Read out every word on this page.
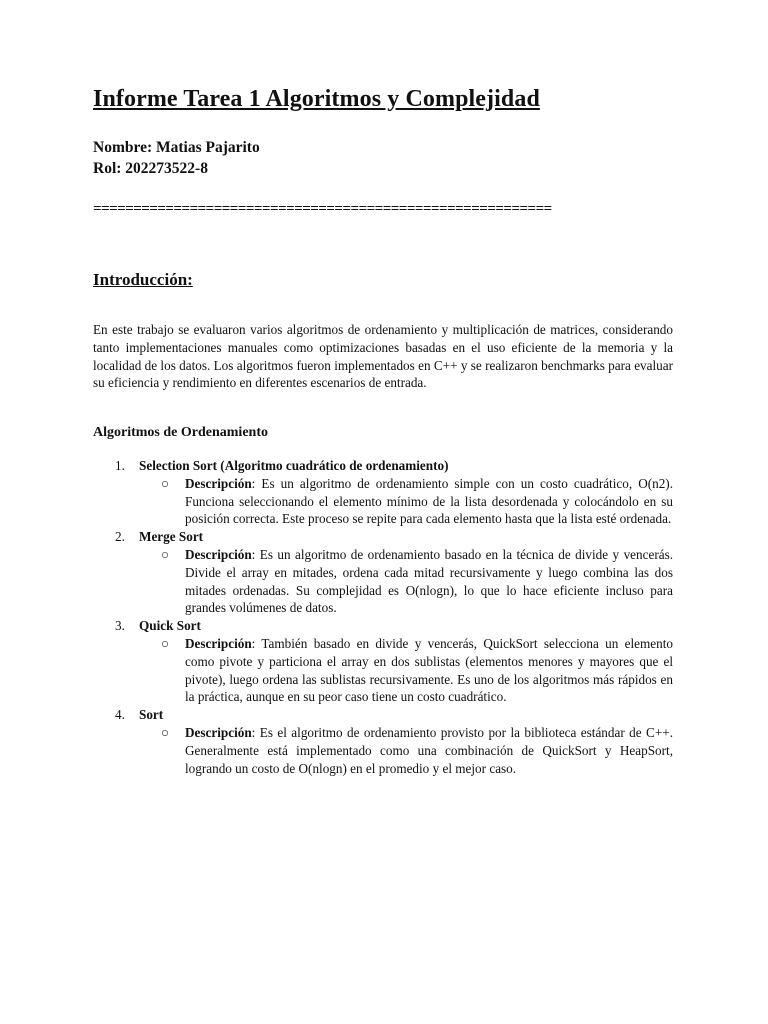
Informe Tarea 1 Algoritmos y Complejidad

Nombre: Matias Pajarito

Rol: 202273522-8

=========================================================
Introducción:

En este trabajo se evaluaron varios algoritmos de ordenamiento y multiplicación de matrices, considerando tanto implementaciones manuales como optimizaciones basadas en el uso eficiente de la memoria y la localidad de los datos. Los algoritmos fueron implementados en C++ y se realizaron benchmarks para evaluar su eficiencia y rendimiento en diferentes escenarios de entrada.

Algoritmos de Ordenamiento
1. Selection Sort (Algoritmo cuadrático de ordenamiento)
○ Descripción: Es un algoritmo de ordenamiento simple con un costo cuadrático, O(n2). Funciona seleccionando el elemento mínimo de la lista desordenada y colocándolo en su posición correcta. Este proceso se repite para cada elemento hasta que la lista esté ordenada.
2. Merge Sort
○ Descripción: Es un algoritmo de ordenamiento basado en la técnica de divide y vencerás. Divide el array en mitades, ordena cada mitad recursivamente y luego combina las dos mitades ordenadas. Su complejidad es O(nlogn), lo que lo hace eficiente incluso para grandes volúmenes de datos.
3. Quick Sort
○ Descripción: También basado en divide y vencerás, QuickSort selecciona un elemento como pivote y particiona el array en dos sublistas (elementos menores y mayores que el pivote), luego ordena las sublistas recursivamente. Es uno de los algoritmos más rápidos en la práctica, aunque en su peor caso tiene un costo cuadrático.
4. Sort
○ Descripción: Es el algoritmo de ordenamiento provisto por la biblioteca estándar de C++. Generalmente está implementado como una combinación de QuickSort y HeapSort, logrando un costo de O(nlogn) en el promedio y el mejor caso.
